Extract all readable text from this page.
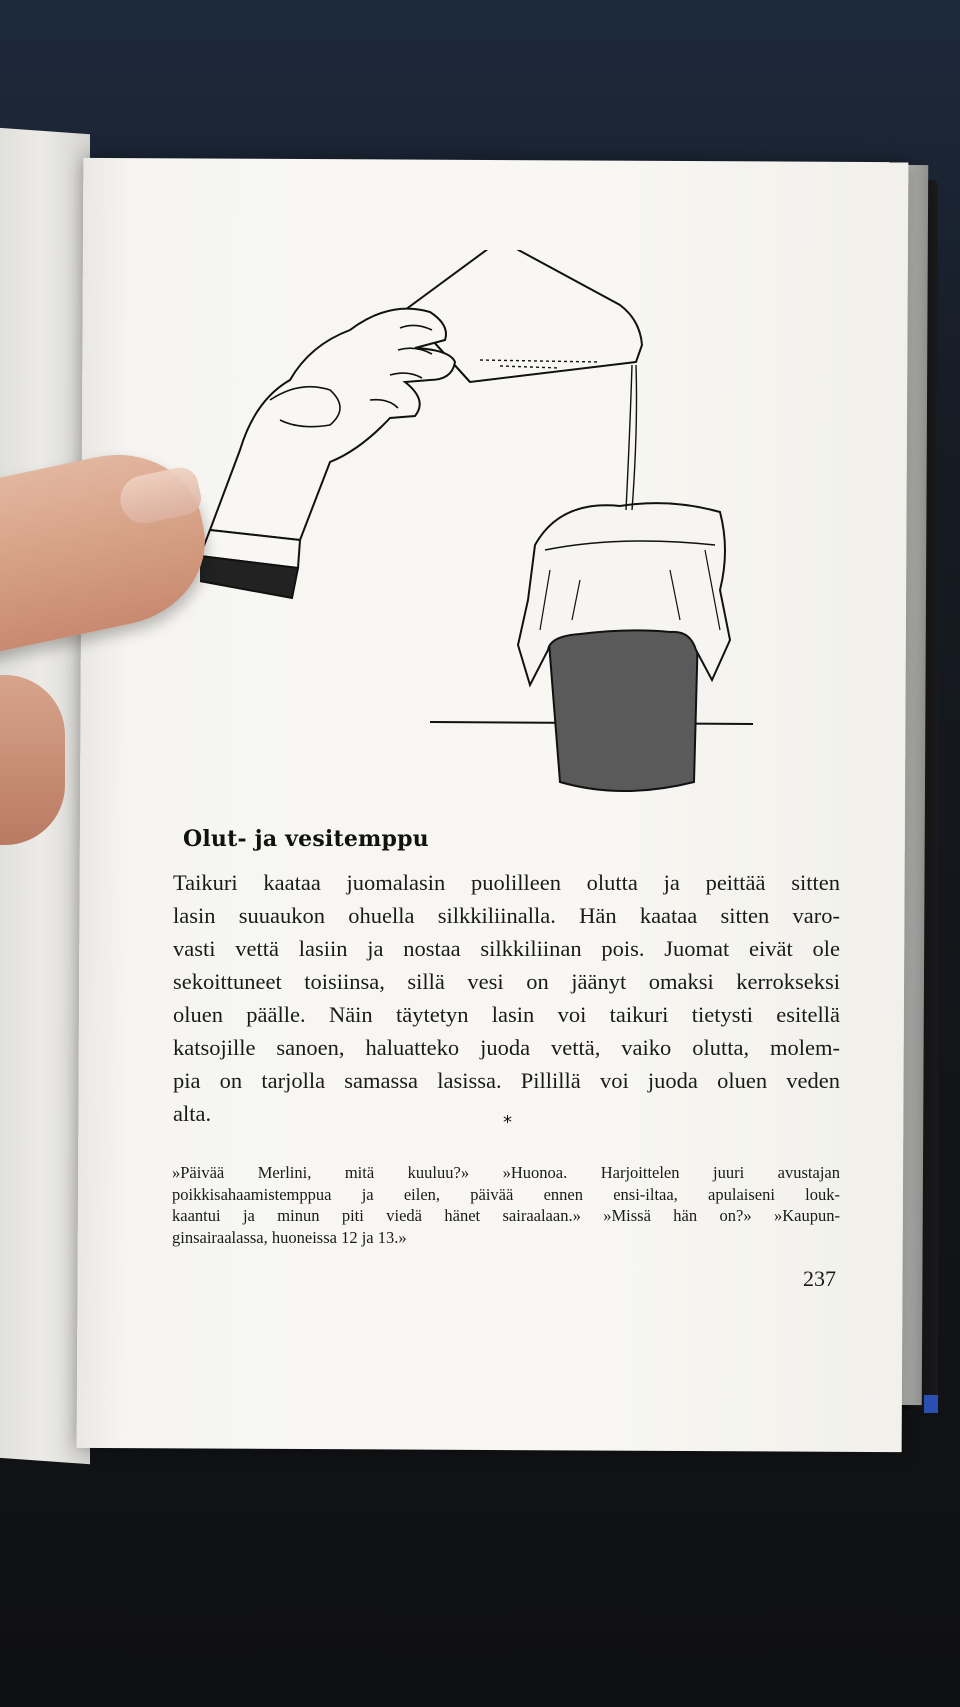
Olut- ja vesitemppu
Taikuri kaataa juomalasin puolilleen olutta ja peittää sitten
lasin suuaukon ohuella silkkiliinalla. Hän kaataa sitten varo-
vasti vettä lasiin ja nostaa silkkiliinan pois. Juomat eivät ole
sekoittuneet toisiinsa, sillä vesi on jäänyt omaksi kerrokseksi
oluen päälle. Näin täytetyn lasin voi taikuri tietysti esitellä
katsojille sanoen, haluatteko juoda vettä, vaiko olutta, molem-
pia on tarjolla samassa lasissa. Pillillä voi juoda oluen veden
alta.	*
»Päivää Merlini, mitä kuuluu?» »Huonoa. Harjoittelen juuri avustajan
poikkisahaamistemppua ja eilen, päivää ennen ensi-iltaa, apulaiseni louk-
kaantui ja minun piti viedä hänet sairaalaan.» »Missä hän on?» »Kaupun-
ginsairaalassa, huoneissa 12 ja 13.»
237
